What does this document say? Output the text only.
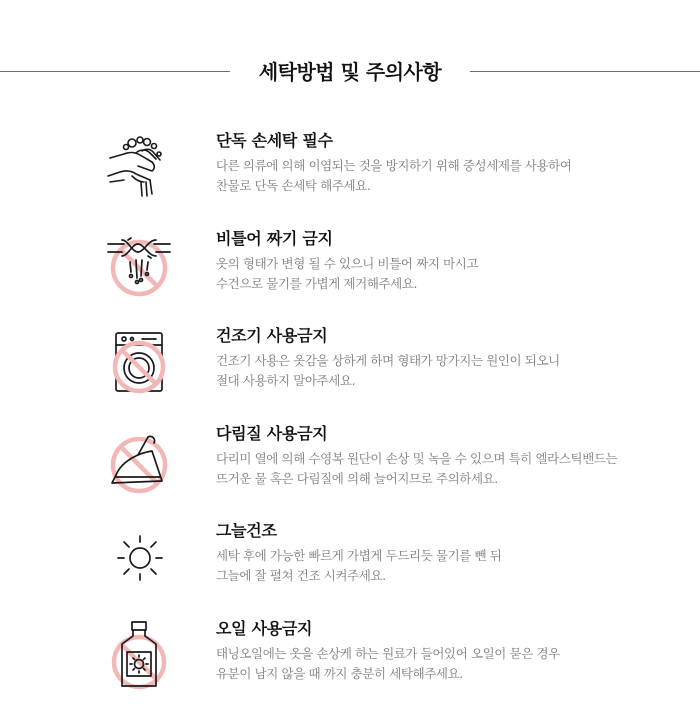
세탁방법 및 주의사항
단독 손세탁 필수
다른 의류에 의해 이염되는 것을 방지하기 위해 중성세제를 사용하여
찬물로 단독 손세탁 해주세요.
비틀어 짜기 금지
옷의 형태가 변형 될 수 있으니 비틀어 짜지 마시고
수건으로 물기를 가볍게 제거해주세요.
건조기 사용금지
건조기 사용은 옷감을 상하게 하며 형태가 망가지는 원인이 되오니
절대 사용하지 말아주세요.
다림질 사용금지
다리미 열에 의해 수영복 원단이 손상 및 녹을 수 있으며 특히 엘라스틱밴드는
뜨거운 물 혹은 다림질에 의해 늘어지므로 주의하세요.
그늘건조
세탁 후에 가능한 빠르게 가볍게 두드리듯 물기를 뺀 뒤
그늘에 잘 펼쳐 건조 시켜주세요.
오일 사용금지
태닝오일에는 옷을 손상케 하는 원료가 들어있어 오일이 묻은 경우
유분이 남지 않을 때 까지 충분히 세탁해주세요.
